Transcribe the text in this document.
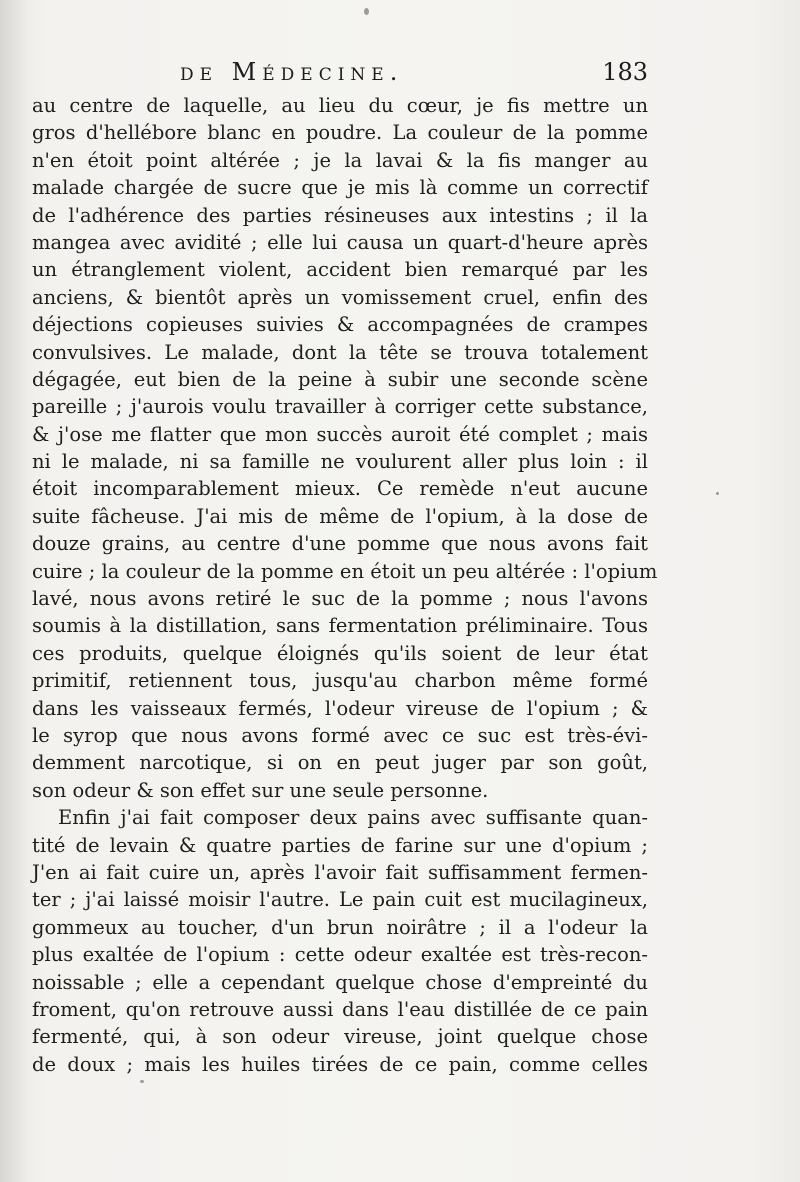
de Médecine.	183
au centre de laquelle, au lieu du cœur, je fis mettre un
gros d'hellébore blanc en poudre. La couleur de la pomme
n'en étoit point altérée ; je la lavai & la fis manger au
malade chargée de sucre que je mis là comme un correctif
de l'adhérence des parties résineuses aux intestins ; il la
mangea avec avidité ; elle lui causa un quart-d'heure après
un étranglement violent, accident bien remarqué par les
anciens, & bientôt après un vomissement cruel, enfin des
déjections copieuses suivies & accompagnées de crampes
convulsives. Le malade, dont la tête se trouva totalement
dégagée, eut bien de la peine à subir une seconde scène
pareille ; j'aurois voulu travailler à corriger cette substance,
& j'ose me flatter que mon succès auroit été complet ; mais
ni le malade, ni sa famille ne voulurent aller plus loin : il
étoit incomparablement mieux. Ce remède n'eut aucune
suite fâcheuse. J'ai mis de même de l'opium, à la dose de
douze grains, au centre d'une pomme que nous avons fait
cuire ; la couleur de la pomme en étoit un peu altérée : l'opium
lavé, nous avons retiré le suc de la pomme ; nous l'avons
soumis à la distillation, sans fermentation préliminaire. Tous
ces produits, quelque éloignés qu'ils soient de leur état
primitif, retiennent tous, jusqu'au charbon même formé
dans les vaisseaux fermés, l'odeur vireuse de l'opium ; &
le syrop que nous avons formé avec ce suc est très-évi-
demment narcotique, si on en peut juger par son goût,
son odeur & son effet sur une seule personne.
Enfin j'ai fait composer deux pains avec suffisante quan-
tité de levain & quatre parties de farine sur une d'opium ;
J'en ai fait cuire un, après l'avoir fait suffisamment fermen-
ter ; j'ai laissé moisir l'autre. Le pain cuit est mucilagineux,
gommeux au toucher, d'un brun noirâtre ; il a l'odeur la
plus exaltée de l'opium : cette odeur exaltée est très-recon-
noissable ; elle a cependant quelque chose d'empreinté du
froment, qu'on retrouve aussi dans l'eau distillée de ce pain
fermenté, qui, à son odeur vireuse, joint quelque chose
de doux ; mais les huiles tirées de ce pain, comme celles
